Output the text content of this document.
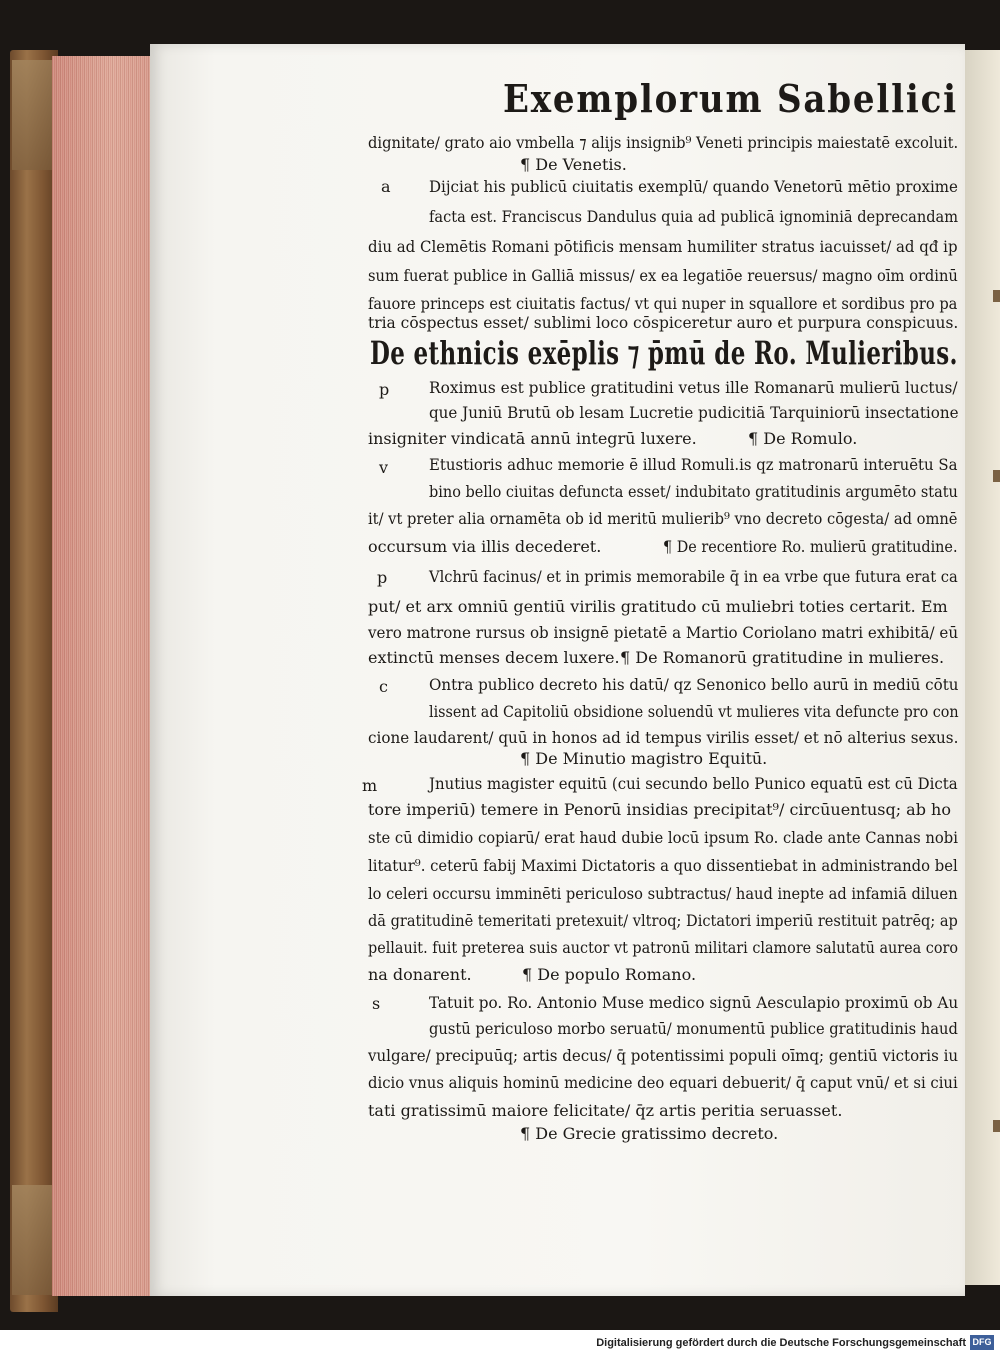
Exemplorum Sabellici
De ethnicis exēplis ⁊ p̄mū de Ro. Mulieribus.
dignitate/ grato aio vmbella ⁊ alijs insignib⁹ Veneti principis maiestatē excoluit.
¶ De Venetis.
Dijciat his publicū ciuitatis exemplū/ quando Venetorū mētio proxime
facta est. Franciscus Dandulus quia ad publicā ignominiā deprecandam
diu ad Clemētis Romani pōtificis mensam humiliter stratus iacuisset/ ad qđ ip
sum fuerat publice in Galliā missus/ ex ea legatiōe reuersus/ magno oīm ordinū
fauore princeps est ciuitatis factus/ vt qui nuper in squallore et sordibus pro pa
tria cōspectus esset/ sublimi loco cōspiceretur auro et purpura conspicuus.
Roximus est publice gratitudini vetus ille Romanarū mulierū luctus/
que Juniū Brutū ob lesam Lucretie pudicitiā Tarquiniorū insectatione
insigniter vindicatā annū integrū luxere.
Etustioris adhuc memorie ē illud Romuli.is qz matronarū interuētu Sa
bino bello ciuitas defuncta esset/ indubitato gratitudinis argumēto statu
it/ vt preter alia ornamēta ob id meritū mulierib⁹ vno decreto cōgesta/ ad omnē
occursum via illis decederet.
Vlchrū facinus/ et in primis memorabile q̄ in ea vrbe que futura erat ca
put/ et arx omniū gentiū virilis gratitudo cū muliebri toties certarit. Em
vero matrone rursus ob insignē pietatē a Martio Coriolano matri exhibitā/ eū
extinctū menses decem luxere.
Ontra publico decreto his datū/ qz Senonico bello aurū in mediū cōtu
lissent ad Capitoliū obsidione soluendū vt mulieres vita defuncte pro con
cione laudarent/ quū in honos ad id tempus virilis esset/ et nō alterius sexus.
¶ De Minutio magistro Equitū.
Jnutius magister equitū (cui secundo bello Punico equatū est cū Dicta
tore imperiū) temere in Penorū insidias precipitat⁹/ circūuentusq; ab ho
ste cū dimidio copiarū/ erat haud dubie locū ipsum Ro. clade ante Cannas nobi
litatur⁹. ceterū fabij Maximi Dictatoris a quo dissentiebat in administrando bel
lo celeri occursu imminēti periculoso subtractus/ haud inepte ad infamiā diluen
dā gratitudinē temeritati pretexuit/ vltroq; Dictatori imperiū restituit patrēq; ap
pellauit. fuit preterea suis auctor vt patronū militari clamore salutatū aurea coro
na donarent.
Tatuit po. Ro. Antonio Muse medico signū Aesculapio proximū ob Au
gustū periculoso morbo seruatū/ monumentū publice gratitudinis haud
vulgare/ precipuūq; artis decus/ q̄ potentissimi populi oīmq; gentiū victoris iu
dicio vnus aliquis hominū medicine deo equari debuerit/ q̄ caput vnū/ et si ciui
tati gratissimū maiore felicitate/ q̄z artis peritia seruasset.
¶ De Grecie gratissimo decreto.
¶ De Romulo.
¶ De recentiore Ro. mulierū gratitudine.
¶ De Romanorū gratitudine in mulieres.
¶ De populo Romano.
a
p
v
p
c
m
s
Digitalisierung gefördert durch die Deutsche Forschungsgemeinschaft DFG
